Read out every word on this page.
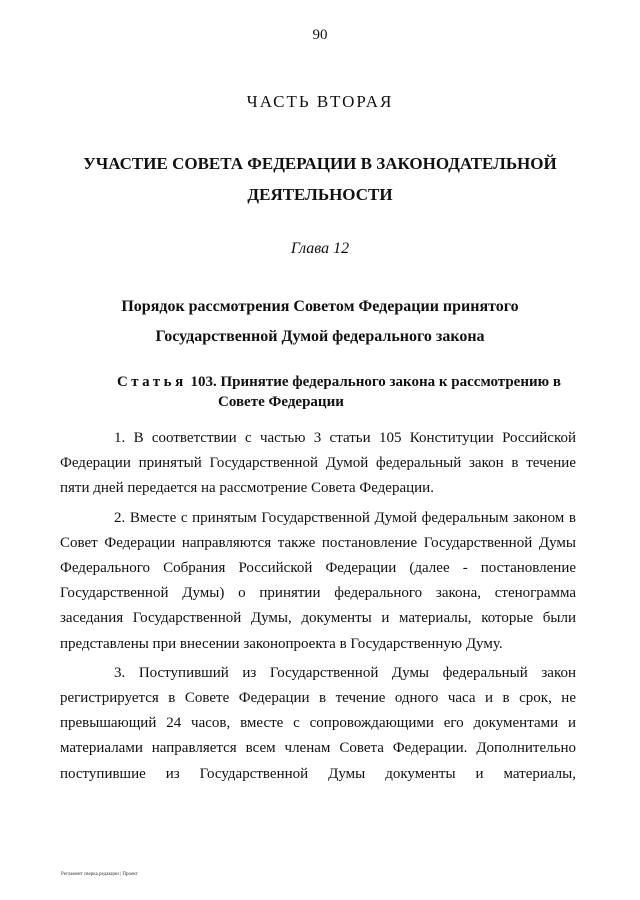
90
ЧАСТЬ ВТОРАЯ
УЧАСТИЕ СОВЕТА ФЕДЕРАЦИИ В ЗАКОНОДАТЕЛЬНОЙ
ДЕЯТЕЛЬНОСТИ
Глава 12
Порядок рассмотрения Советом Федерации принятого
Государственной Думой федерального закона
Статья 103. Принятие федерального закона к рассмотрению в
Совете Федерации

1. В соответствии с частью 3 статьи 105 Конституции Российской Федерации принятый Государственной Думой федеральный закон в течение пяти дней передается на рассмотрение Совета Федерации.

2. Вместе с принятым Государственной Думой федеральным законом в Совет Федерации направляются также постановление Государственной Думы Федерального Собрания Российской Федерации (далее - постановление Государственной Думы) о принятии федерального закона, стенограмма заседания Государственной Думы, документы и материалы, которые были представлены при внесении законопроекта в Государственную Думу.

3. Поступивший из Государственной Думы федеральный закон регистрируется в Совете Федерации в течение одного часа и в срок, не превышающий 24 часов, вместе с сопровождающими его документами и материалами направляется всем членам Совета Федерации. Дополнительно поступившие из Государственной Думы документы и материалы,

Регламент сверка редакции | Проект
